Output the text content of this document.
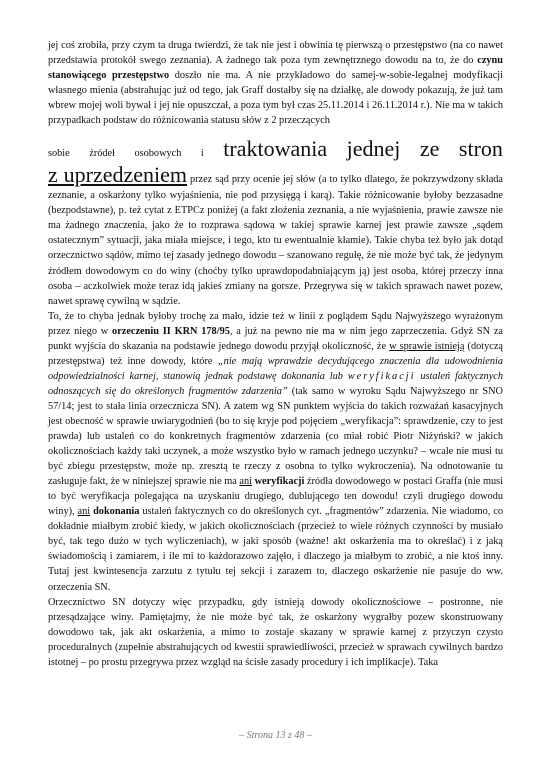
jej coś zrobiła, przy czym ta druga twierdzi, że tak nie jest i obwinia tę pierwszą o przestępstwo (na co nawet przedstawia protokół swego zeznania). A żadnego tak poza tym zewnętrznego dowodu na to, że do czynu stanowiącego przestępstwo doszło nie ma. A nie przykładowo do samej-w-sobie-legalnej modyfikacji własnego mienia (abstrahując już od tego, jak Graff dostałby się na działkę, ale dowody pokazują, że już tam wbrew mojej woli bywał i jej nie opuszczał, a poza tym był czas 25.11.2014 i 26.11.2014 r.). Nie ma w takich przypadkach podstaw do różnicowania statusu słów z 2 przeczących

sobie źródeł osobowych i traktowania jednej ze stron

z uprzedzeniem przez sąd przy ocenie jej słów (a to tylko dlatego, że pokrzywdzony składa zeznanie, a oskarżony tylko wyjaśnienia, nie pod przysięgą i karą). Takie różnicowanie byłoby bezzasadne (bezpodstawne), p. też cytat z ETPCz poniżej (a fakt złożenia zeznania, a nie wyjaśnienia, prawie zawsze nie ma żadnego znaczenia, jako że to rozprawa sądowa w takiej sprawie karnej jest prawie zawsze „sądem ostatecznym” sytuacji, jaka miała miejsce, i tego, kto tu ewentualnie kłamie). Takie chyba też było jak dotąd orzecznictwo sądów, mimo tej zasady jednego dowodu – szanowano regułę, że nie może być tak, że jedynym źródłem dowodowym co do winy (choćby tylko uprawdopodabniającym ją) jest osoba, której przeczy inna osoba – aczkolwiek może teraz idą jakieś zmiany na gorsze. Przegrywa się w takich sprawach nawet pozew, nawet sprawę cywilną w sądzie.

To, że to chyba jednak byłoby trochę za mało, idzie też w linii z poglądem Sądu Najwyższego wyrażonym przez niego w orzeczeniu II KRN 178/95, a już na pewno nie ma w nim jego zaprzeczenia. Gdyż SN za punkt wyjścia do skazania na podstawie jednego dowodu przyjął okoliczność, że w sprawie istnieją (dotyczą przestępstwa) też inne dowody, które „nie mają wprawdzie decydującego znaczenia dla udowodnienia odpowiedzialności karnej, stanowią jednak podstawę dokonania lub weryfikacji ustaleń faktycznych odnoszących się do określonych fragmentów zdarzenia” (tak samo w wyroku Sądu Najwyższego nr SNO 57/14; jest to stała linia orzecznicza SN). A zatem wg SN punktem wyjścia do takich rozważań kasacyjnych jest obecność w sprawie uwiarygodnień (bo to się kryje pod pojęciem „weryfikacja”: sprawdzenie, czy to jest prawda) lub ustaleń co do konkretnych fragmentów zdarzenia (co miał robić Piotr Niżyński? w jakich okolicznościach każdy taki uczynek, a może wszystko było w ramach jednego uczynku? – wcale nie musi tu być zbiegu przestępstw, może np. zresztą te rzeczy z osobna to tylko wykroczenia). Na odnotowanie tu zasługuje fakt, że w niniejszej sprawie nie ma ani weryfikacji źródła dowodowego w postaci Graffa (nie musi to być weryfikacja polegająca na uzyskaniu drugiego, dublującego ten dowodu! czyli drugiego dowodu winy), ani dokonania ustaleń faktycznych co do określonych cyt. „fragmentów” zdarzenia. Nie wiadomo, co dokładnie miałbym zrobić kiedy, w jakich okolicznościach (przecież to wiele różnych czynności by musiało być, tak tego dużo w tych wyliczeniach), w jaki sposób (ważne! akt oskarżenia ma to określać) i z jaką świadomością i zamiarem, i ile mi to każdorazowo zajęło, i dlaczego ja miałbym to zrobić, a nie ktoś inny. Tutaj jest kwintesencja zarzutu z tytułu tej sekcji i zarazem to, dlaczego oskarżenie nie pasuje do ww. orzeczenia SN.

Orzecznictwo SN dotyczy więc przypadku, gdy istnieją dowody okolicznościowe – postronne, nie przesądzające winy. Pamiętajmy, że nie może być tak, że oskarżony wygrałby pozew skonstruowany dowodowo tak, jak akt oskarżenia, a mimo to zostaje skazany w sprawie karnej z przyczyn czysto proceduralnych (zupełnie abstrahujących od kwestii sprawiedliwości, przecież w sprawach cywilnych bardzo istotnej – po prostu przegrywa przez wzgląd na ścisłe zasady procedury i ich implikacje). Taka

– Strona 13 z 48 –
